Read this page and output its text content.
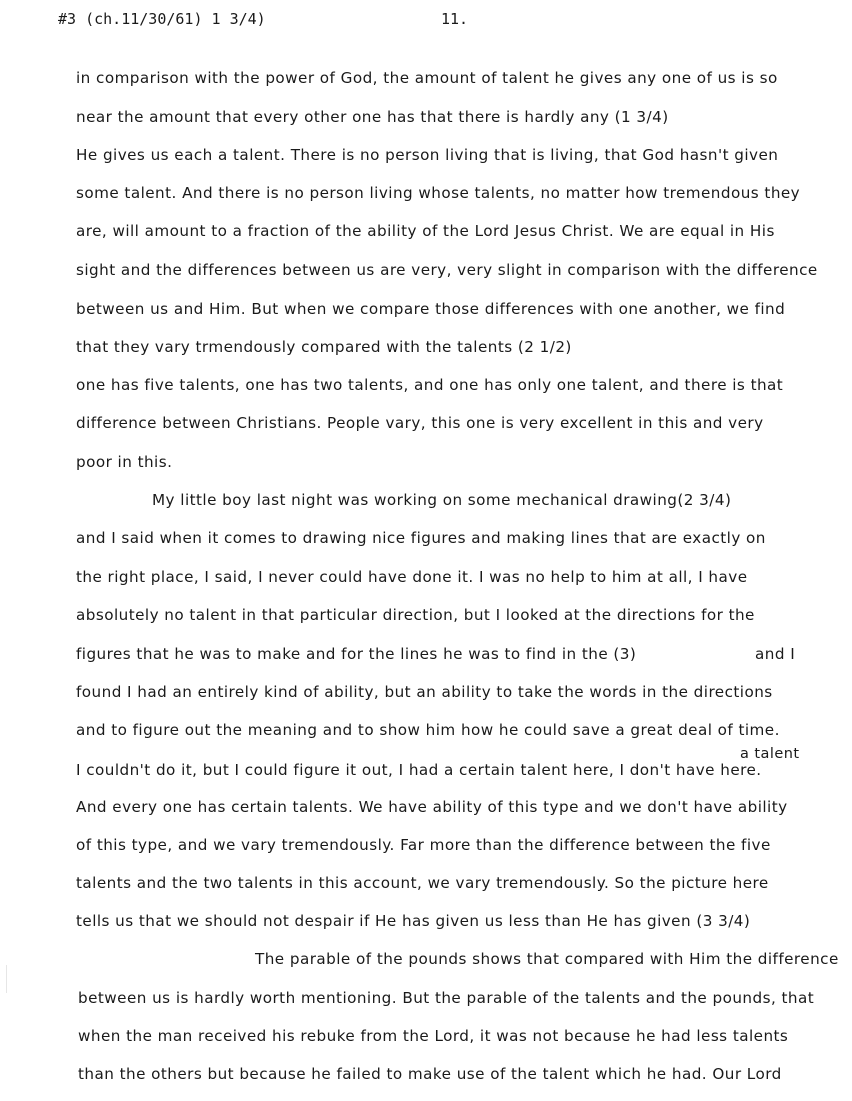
#3 (ch.11/30/61) 1 3/4)	11.
in comparison with the power of God, the amount of talent he gives any one of us is so
near the amount that every other one has that there is hardly any (1 3/4)
He gives us each a talent. There is no person living that is living, that God hasn't given
some talent. And there is no person living whose talents, no matter how tremendous they
are, will amount to a fraction of the ability of the Lord Jesus Christ. We are equal in His
sight and the differences between us are very, very slight in comparison with the difference
between us and Him. But when we compare those differences with one another, we find
that they vary trmendously compared with the talents (2 1/2)
one has five talents, one has two talents, and one has only one talent, and there is that
difference between Christians. People vary, this one is very excellent in this and very
poor in this.
My little boy last night was working on some mechanical drawing(2 3/4)
and I said when it comes to drawing nice figures and making lines that are exactly on
the right place, I said, I never could have done it. I was no help to him at all, I have
absolutely no talent in that particular direction, but I looked at the directions for the
figures that he was to make and for the lines he was to find in the (3)	and I
found I had an entirely kind of ability, but an ability to take the words in the directions
and to figure out the meaning and to show him how he could save a great deal of time.
a talent
I couldn't do it, but I could figure it out, I had a certain talent here, I don't have here.
And every one has certain talents. We have ability of this type and we don't have ability
of this type, and we vary tremendously. Far more than the difference between the five
talents and the two talents in this account, we vary tremendously. So the picture here
tells us that we should not despair if He has given us less than He has given (3 3/4)
The parable of the pounds shows that compared with Him the difference
between us is hardly worth mentioning. But the parable of the talents and the pounds, that
when the man received his rebuke from the Lord, it was not because he had less talents
than the others but because he failed to make use of the talent which he had. Our Lord
